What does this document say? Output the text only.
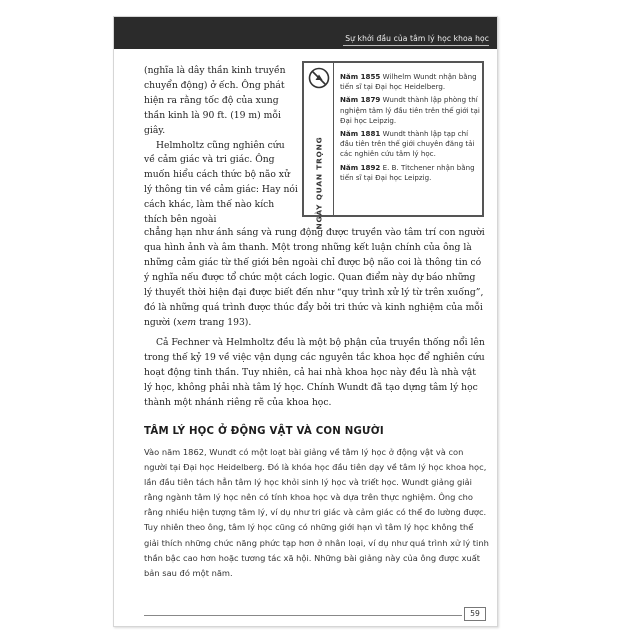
Sự khởi đầu của tâm lý học khoa học

(nghĩa là dây thần kinh truyền chuyển động) ở ếch. Ông phát hiện ra rằng tốc độ của xung thần kinh là 90 ft. (19 m) mỗi giây.

Helmholtz cũng nghiên cứu về cảm giác và tri giác. Ông muốn hiểu cách thức bộ não xử lý thông tin về cảm giác: Hay nói cách khác, làm thế nào kích thích bên ngoài	NGÀY QUAN TRỌNG
Năm 1855 Wilhelm Wundt nhận bằng tiến sĩ tại Đại học Heidelberg.
Năm 1879 Wundt thành lập phòng thí nghiệm tâm lý đầu tiên trên thế giới tại Đại học Leipzig.
Năm 1881 Wundt thành lập tạp chí đầu tiên trên thế giới chuyên đăng tải các nghiên cứu tâm lý học.
Năm 1892 E. B. Titchener nhận bằng tiến sĩ tại Đại học Leipzig.

chẳng hạn như ánh sáng và rung động được truyền vào tâm trí con người qua hình ảnh và âm thanh. Một trong những kết luận chính của ông là những cảm giác từ thế giới bên ngoài chỉ được bộ não coi là thông tin có ý nghĩa nếu được tổ chức một cách logic. Quan điểm này dự báo những lý thuyết thời hiện đại được biết đến như “quy trình xử lý từ trên xuống”, đó là những quá trình được thúc đẩy bởi tri thức và kinh nghiệm của mỗi người (xem trang 193).

Cả Fechner và Helmholtz đều là một bộ phận của truyền thống nổi lên trong thế kỷ 19 về việc vận dụng các nguyên tắc khoa học để nghiên cứu hoạt động tinh thần. Tuy nhiên, cả hai nhà khoa học này đều là nhà vật lý học, không phải nhà tâm lý học. Chính Wundt đã tạo dựng tâm lý học thành một nhánh riêng rẽ của khoa học.

TÂM LÝ HỌC Ở ĐỘNG VẬT VÀ CON NGƯỜI

Vào năm 1862, Wundt có một loạt bài giảng về tâm lý học ở động vật và con người tại Đại học Heidelberg. Đó là khóa học đầu tiên dạy về tâm lý học khoa học, lần đầu tiên tách hẳn tâm lý học khỏi sinh lý học và triết học. Wundt giảng giải rằng ngành tâm lý học nên có tính khoa học và dựa trên thực nghiệm. Ông cho rằng nhiều hiện tượng tâm lý, ví dụ như tri giác và cảm giác có thể đo lường được. Tuy nhiên theo ông, tâm lý học cũng có những giới hạn vì tâm lý học không thể giải thích những chức năng phức tạp hơn ở nhân loại, ví dụ như quá trình xử lý tinh thần bậc cao hơn hoặc tương tác xã hội. Những bài giảng này của ông được xuất bản sau đó một năm.

59
